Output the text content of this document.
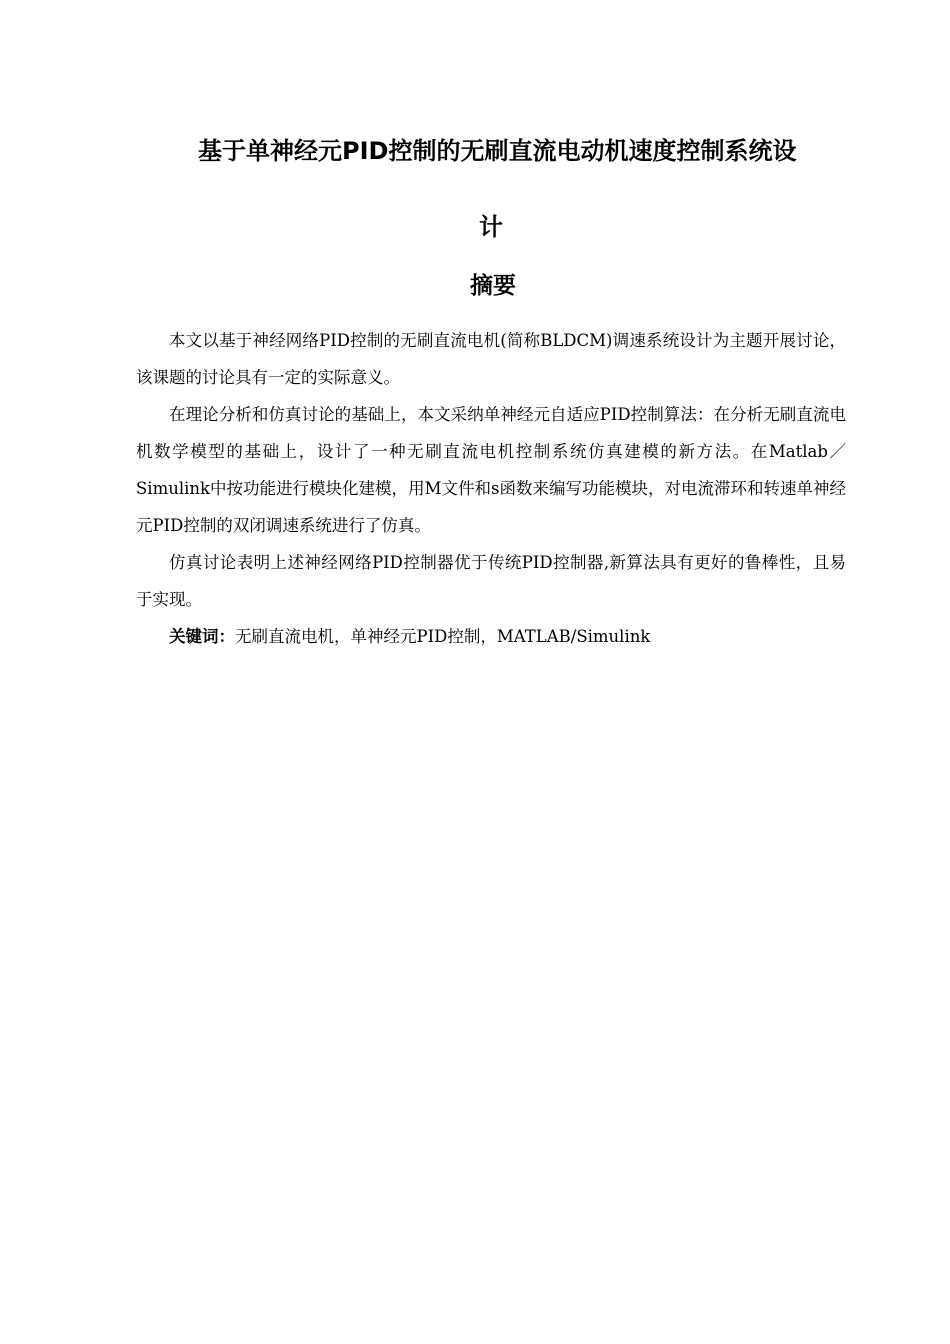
基于单神经元PID控制的无刷直流电动机速度控制系统设
计
摘要

本文以基于神经网络PID控制的无刷直流电机(简称BLDCM)调速系统设计为主题开展讨论，该课题的讨论具有一定的实际意义。

在理论分析和仿真讨论的基础上，本文采纳单神经元自适应PID控制算法：在分析无刷直流电机数学模型的基础上，设计了一种无刷直流电机控制系统仿真建模的新方法。在Matlab／Simulink中按功能进行模块化建模，用M文件和s函数来编写功能模块，对电流滞环和转速单神经元PID控制的双闭调速系统进行了仿真。

仿真讨论表明上述神经网络PID控制器优于传统PID控制器,新算法具有更好的鲁棒性，且易于实现。

关键词：无刷直流电机，单神经元PID控制，MATLAB/Simulink
